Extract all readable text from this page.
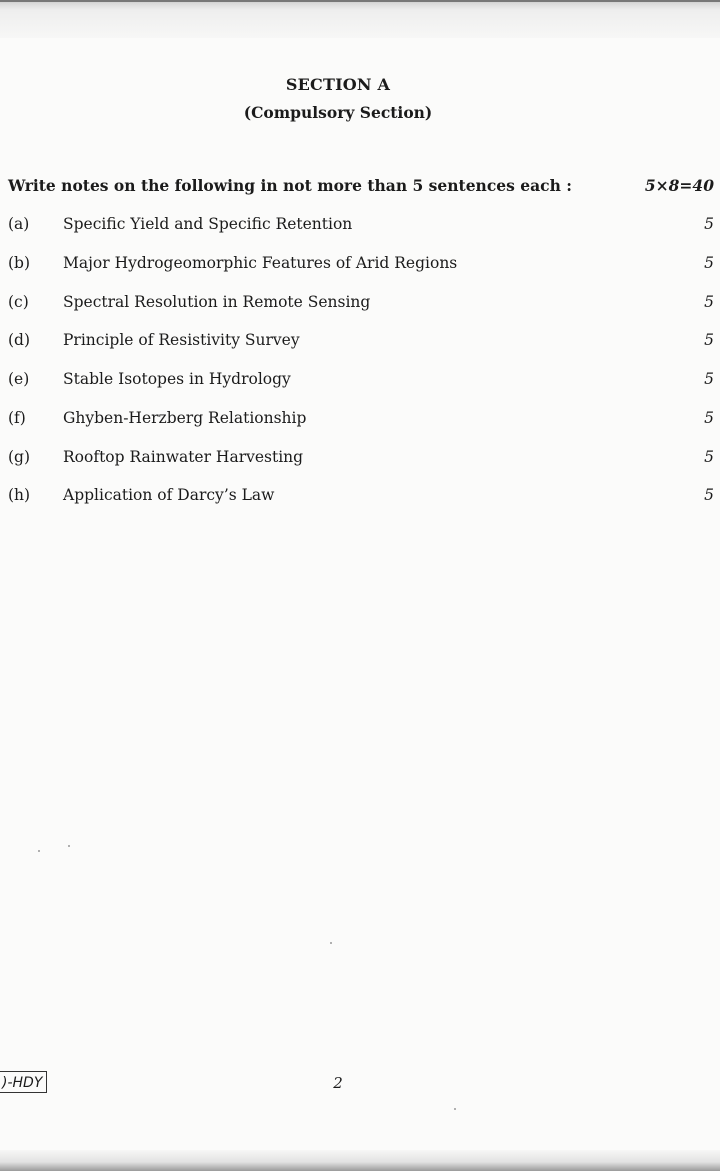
SECTION A
(Compulsory Section)
Write notes on the following in not more than 5 sentences each :	5×8=40
(a) Specific Yield and Specific Retention	5
(b) Major Hydrogeomorphic Features of Arid Regions	5
(c) Spectral Resolution in Remote Sensing	5
(d) Principle of Resistivity Survey	5
(e) Stable Isotopes in Hydrology	5
(f) Ghyben-Herzberg Relationship	5
(g) Rooftop Rainwater Harvesting	5
(h) Application of Darcy’s Law	5
)-HDY	2
